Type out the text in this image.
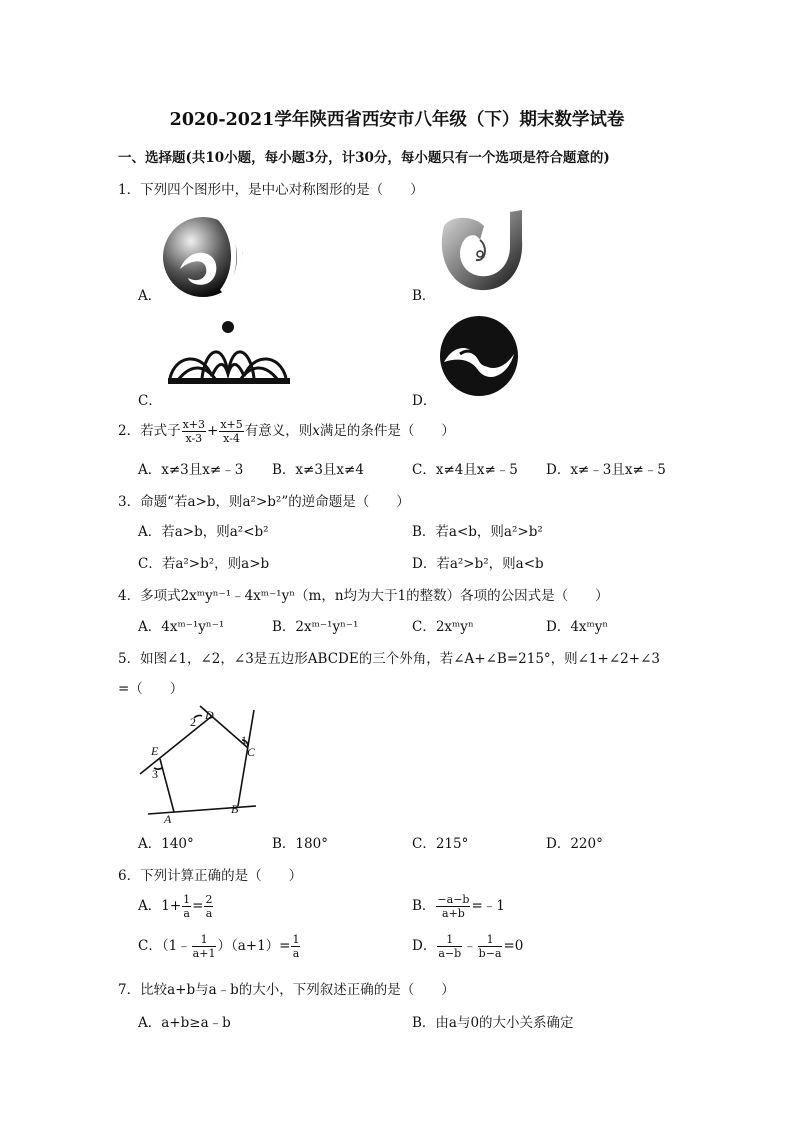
2020-2021学年陕西省西安市八年级（下）期末数学试卷
一、选择题(共10小题，每小题3分，计30分，每小题只有一个选项是符合题意的)
1．下列四个图形中，是中心对称图形的是（　　）
A．	B．
C．	D．
2．若式子 $\frac{x+3}{x-3} + \frac{x+5}{x-4}$ 有意义，则x满足的条件是（　　）
A．x≠3且x≠﹣3 B．x≠3且x≠4	C．x≠4且x≠﹣5 D．x≠﹣3且x≠﹣5
3．命题“若a>b，则a²>b²”的逆命题是（　　）
A．若a>b，则a²<b²	B．若a<b，则a²>b²
C．若a²>b²，则a>b	D．若a²>b²，则a<b
4．多项式2xᵐyⁿ⁻¹﹣4xᵐ⁻¹yⁿ（m，n均为大于1的整数）各项的公因式是（　　）
A．4xᵐ⁻¹yⁿ⁻¹	B．2xᵐ⁻¹yⁿ⁻¹	C．2xᵐyⁿ	D．4xᵐyⁿ
5．如图∠1，∠2，∠3是五边形ABCDE的三个外角，若∠A+∠B=215°，则∠1+∠2+∠3
=（　　）
D
C
E
A
B
1
2
3
A．140°	B．180°	C．215°	D．220°
6．下列计算正确的是（　　）
A．$1+ \frac{1}{a} = \frac{2}{a}$	B． $\frac{-a-b}{a+b}$ =﹣1
C．（1﹣ $\frac{1}{a+1} )(a+1)= \frac{1}{a}$	D． $\frac{1}{a-b}$ ﹣ $\frac{1}{b-a} =0$
7．比较a+b与a﹣b的大小，下列叙述正确的是（　　）
A．a+b≥a﹣b	B．由a与0的大小关系确定
